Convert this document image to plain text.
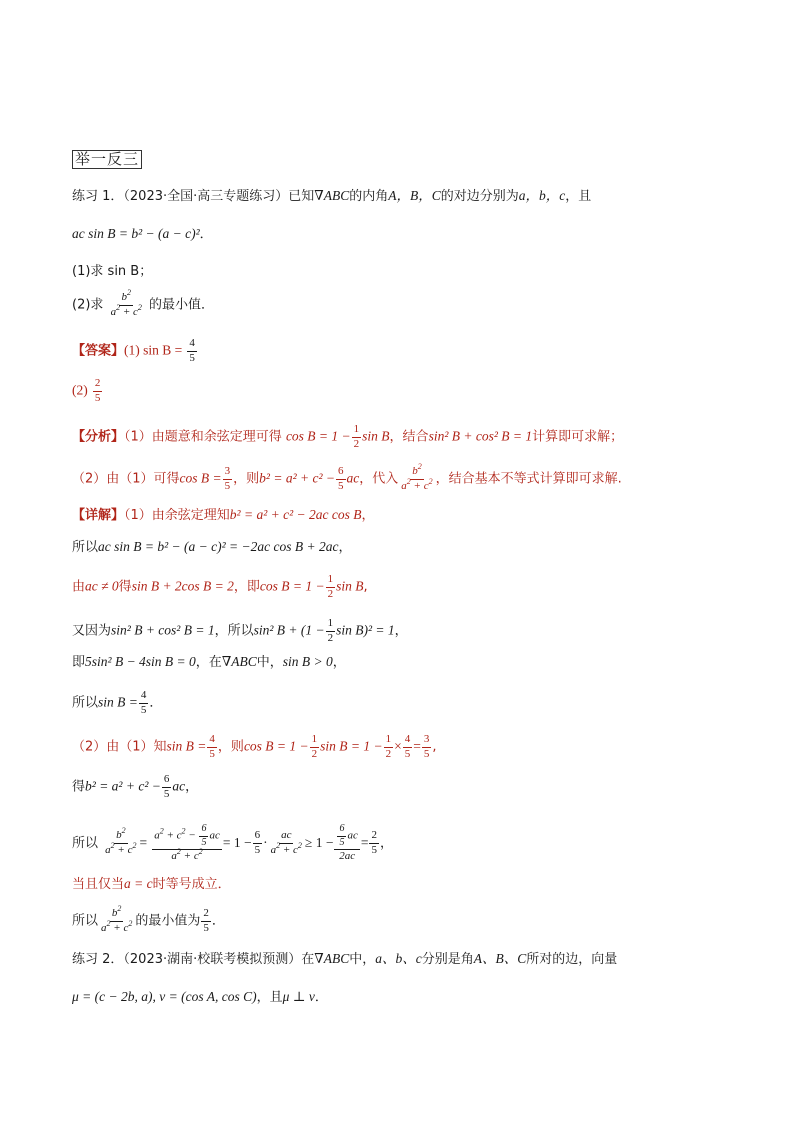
举一反三
练习 1．（2023·全国·高三专题练习）已知∇ABC的内角A，B，C的对边分别为a，b，c，且
ac sin B = b² − (a − c)²．
(1)求 sin B；
(2)求 $\frac{b^2}{a^2 + c^2}$ 的最小值．
【答案】(1) $\sin B = \frac{4}{5}$
$(2) \frac{2}{5}$
【分析】（1）由题意和余弦定理可得 $\cos B = 1 - \frac{1}{2}$ sin B，结合sin² B + cos² B = 1计算即可求解；
（2）由（1）可得$\cos B = \frac{3}{5}$ ，则$b^2 = a^2 + c^2 - \frac{6}{5}$ ac，代入 $\frac{b^2}{a^2 + c^2}$ ，结合基本不等式计算即可求解.
【详解】（1）由余弦定理知b² = a² + c² − 2ac cos B，
所以ac sin B = b² − (a − c)² = −2ac cos B + 2ac，
由ac ≠ 0得sin B + 2cos B = 2，即$\cos B = 1 - \frac{1}{2}$ sin B,
又因为sin² B + cos² B = 1，所以sin² $B + (1 - \frac{1}{2}$ sin B)² = 1，
即5sin² B − 4sin B = 0，在∇ABC中，sin B > 0，
所以$\sin B = \frac{4}{5}$ ．
（2）由（1）知$\sin B = \frac{4}{5}$ ，则$\cos B = 1 - \frac{1}{2}$ $\sin B = 1 - \frac{1}{2} \times \frac{4}{5} = \frac{3}{5}$ ,
得$b^2 = a^2 + c^2 - \frac{6}{5}$ ac，
所以 $\frac{b^2}{a^2 + c^2} = \frac{a^2 + c^2 - \frac{6}{5} ac}{a^2 + c^2} = 1 - \frac{6}{5} \cdot \frac{ac}{a^2 + c^2} \ge 1 - \frac{\frac{6}{5} ac}{2ac} = \frac{2}{5}$ ，
当且仅当a = c时等号成立．
所以 $\frac{b^2}{a^2 + c^2}$ 的最小值为 $\frac{2}{5}$ ．
练习 2．（2023·湖南·校联考模拟预测）在∇ABC中，a、b、c分别是角A、B、C所对的边，向量
μ = (c − 2b, a), ν = (cos A, cos C)，且μ ⊥ ν．
